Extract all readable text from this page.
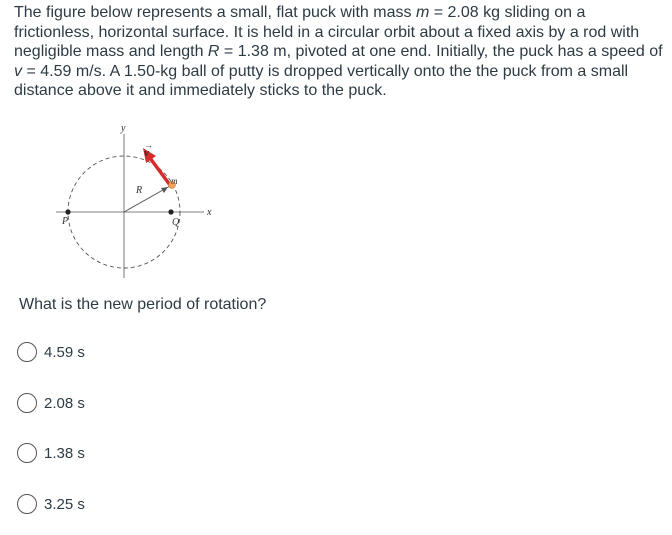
The figure below represents a small, flat puck with mass m = 2.08 kg sliding on a frictionless, horizontal surface. It is held in a circular orbit about a fixed axis by a rod with negligible mass and length R = 1.38 m, pivoted at one end. Initially, the puck has a speed of v = 4.59 m/s. A 1.50-kg ball of putty is dropped vertically onto the the puck from a small distance above it and immediately sticks to the puck.

y
x
v
→
R
m
P	Q

What is the new period of rotation?

4.59 s
2.08 s
1.38 s
3.25 s
